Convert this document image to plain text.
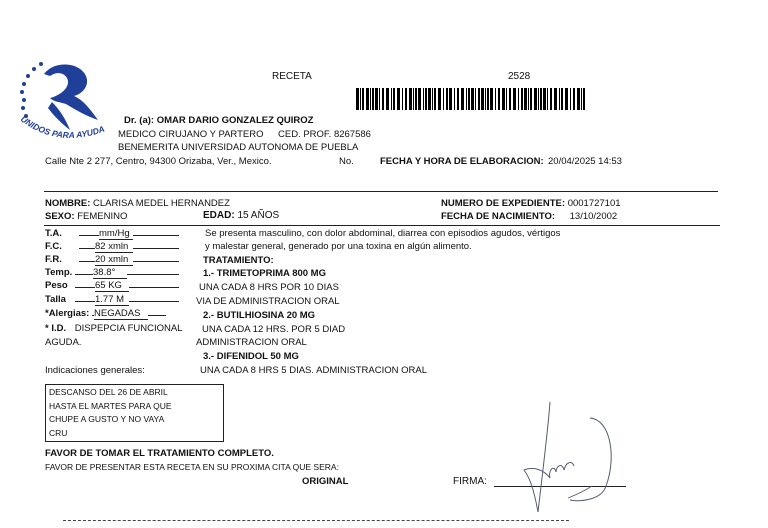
UNIDOS PARA AYUDA
RECETA	2528
Dr. (a): OMAR DARIO GONZALEZ QUIROZ
MEDICO CIRUJANO Y PARTERO CED. PROF. 8267586
BENEMERITA UNIVERSIDAD AUTONOMA DE PUEBLA
Calle Nte 2 277, Centro, 94300 Orizaba, Ver., Mexico.	No.	FECHA Y HORA DE ELABORACION: 20/04/2025 14:53
NOMBRE: CLARISA MEDEL HERNANDEZ	NUMERO DE EXPEDIENTE: 0001727101
SEXO: FEMENINO	EDAD: 15 AÑOS	FECHA DE NACIMIENTO: 13/10/2002
T.A.	mm/Hg
F.C.	82 xmln
F.R.	20 xmln
Temp. 38.8°
Peso	65 KG
Talla	1.77 M
*Alergias: NEGADAS
* I.D. DISPEPCIA FUNCIONAL
AGUDA.
Se presenta masculino, con dolor abdominal, diarrea con episodios agudos, vértigos
y malestar general, generado por una toxina en algún alimento.
TRATAMIENTO:
1.- TRIMETOPRIMA 800 MG
UNA CADA 8 HRS POR 10 DIAS
VIA DE ADMINISTRACION ORAL
2.- BUTILHIOSINA 20 MG
UNA CADA 12 HRS. POR 5 DIAD
ADMINISTRACION ORAL
3.- DIFENIDOL 50 MG
UNA CADA 8 HRS 5 DIAS. ADMINISTRACION ORAL
Indicaciones generales:
DESCANSO DEL 26 DE ABRIL
HASTA EL MARTES PARA QUE
CHUPE A GUSTO Y NO VAYA
CRU
FAVOR DE TOMAR EL TRATAMIENTO COMPLETO.
FAVOR DE PRESENTAR ESTA RECETA EN SU PROXIMA CITA QUE SERA:
ORIGINAL	FIRMA:
